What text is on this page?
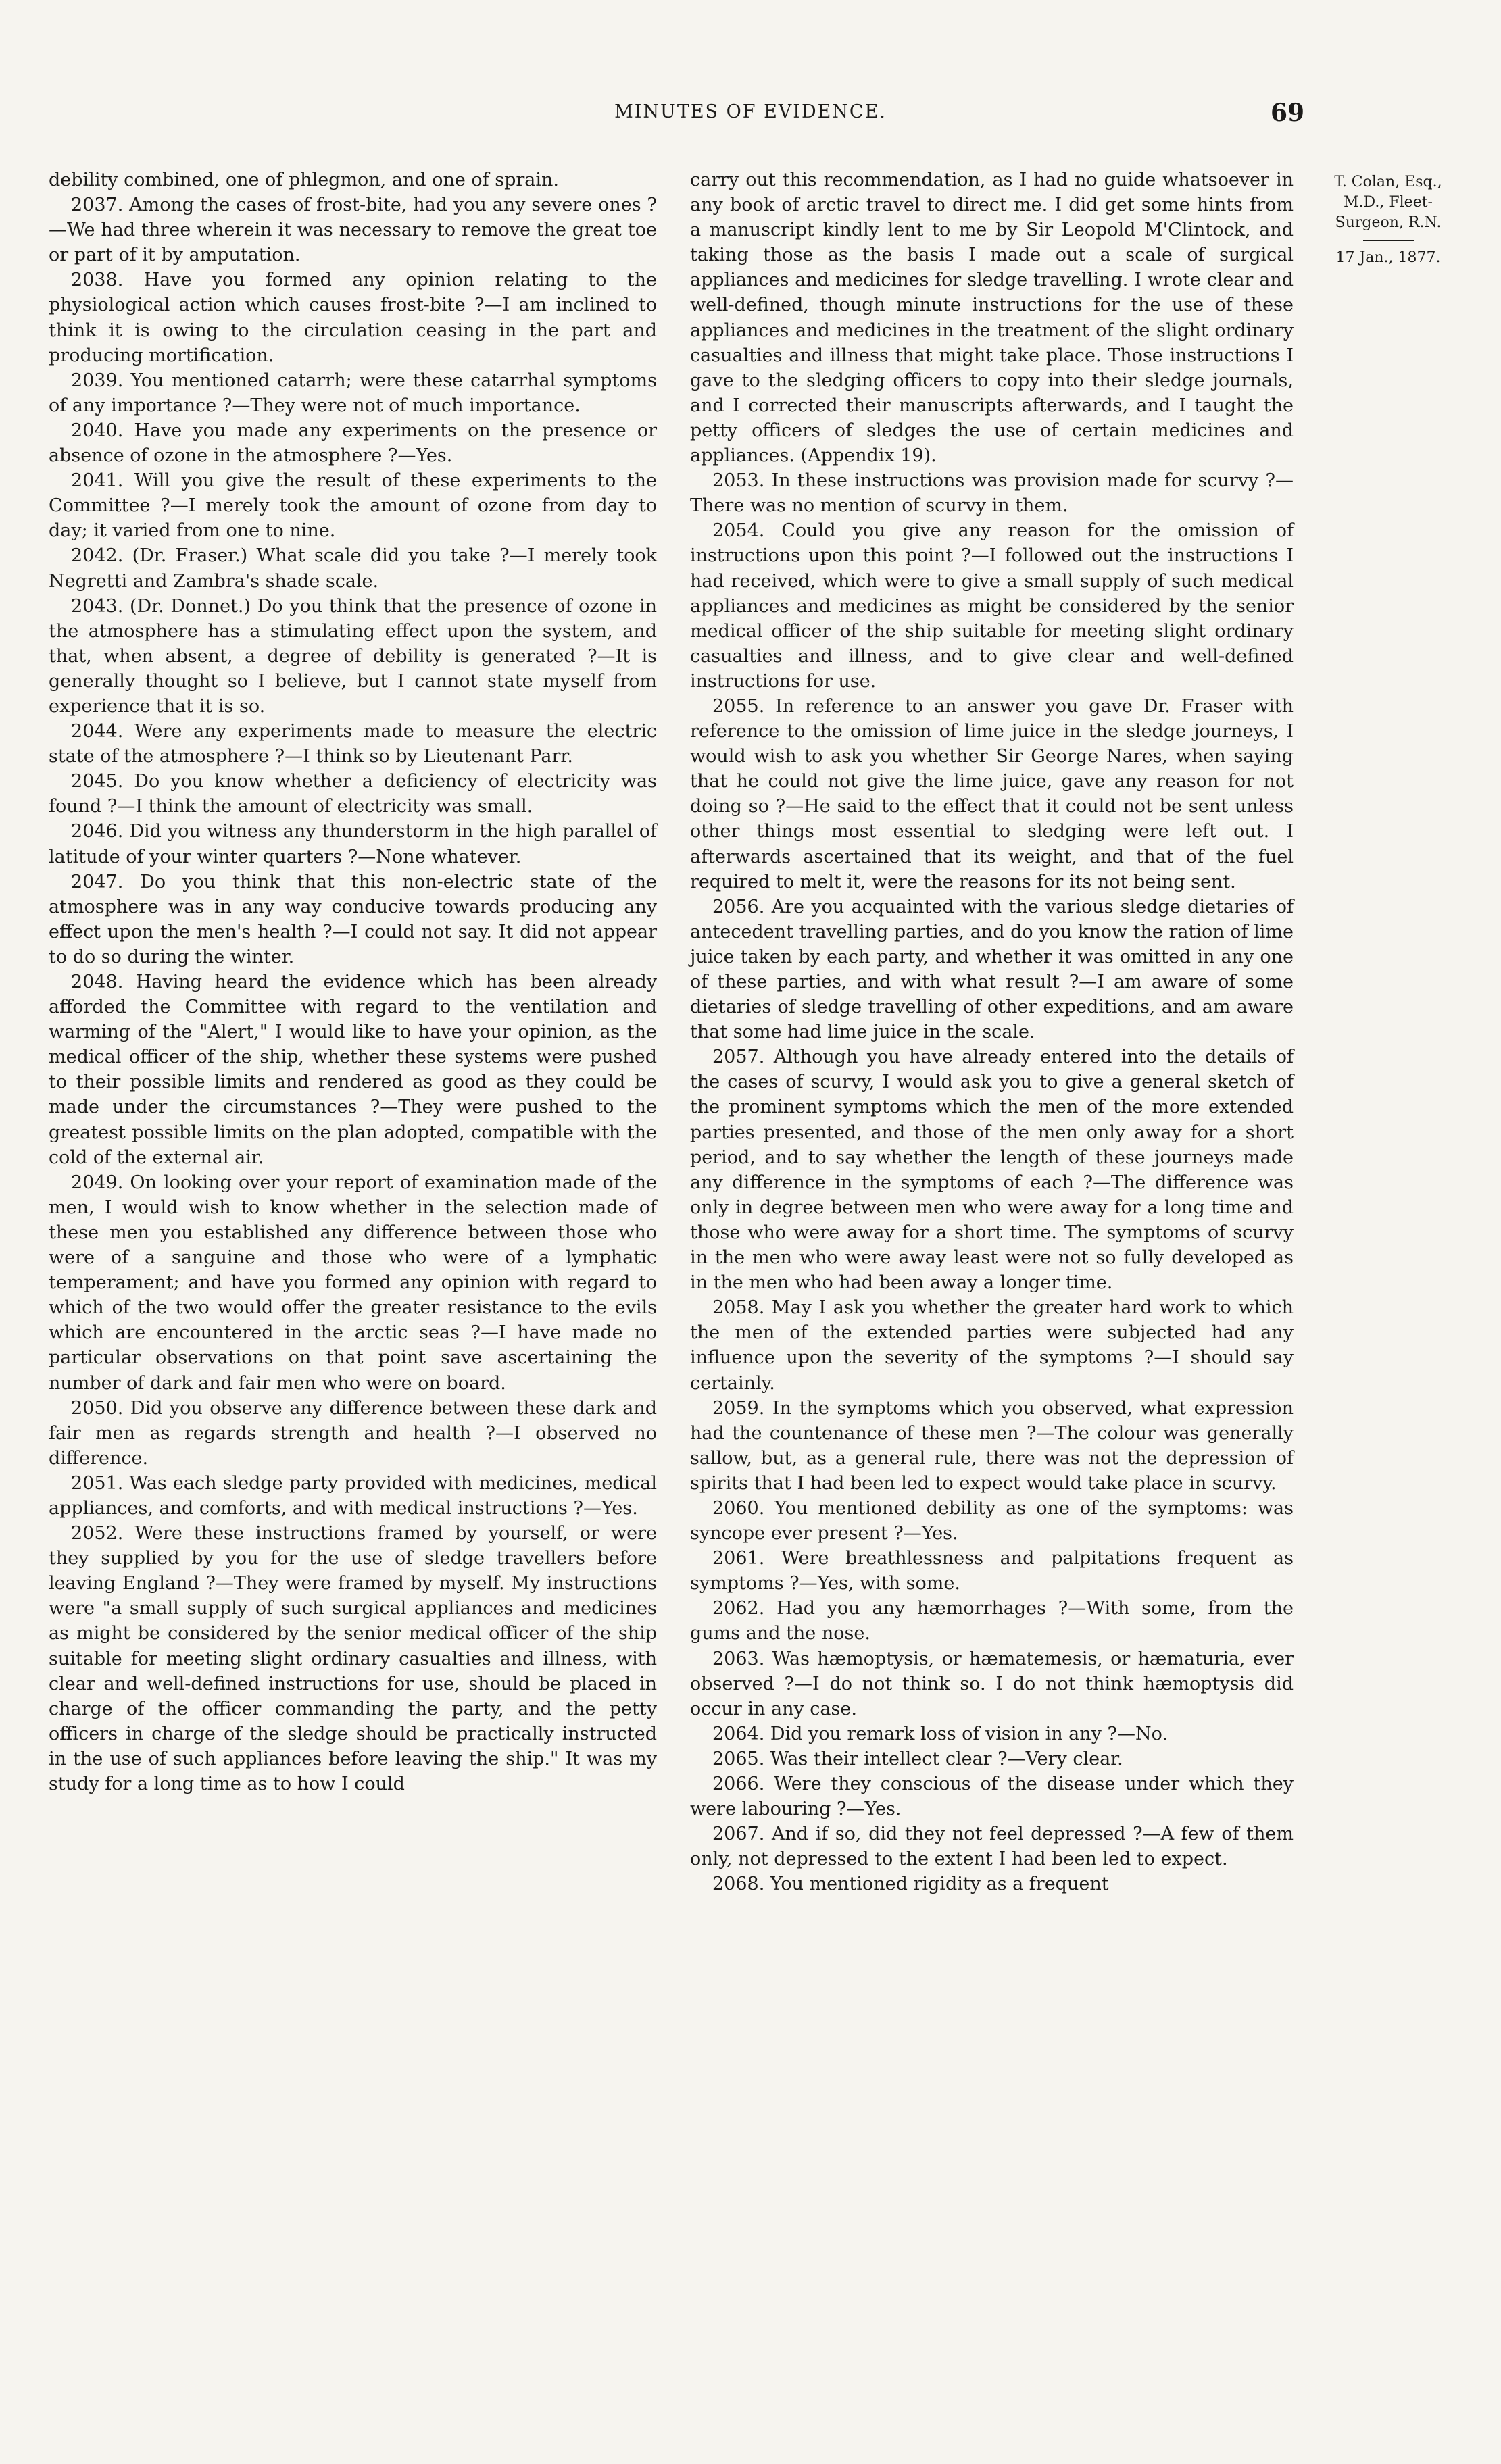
MINUTES OF EVIDENCE.	69

debility combined, one of phlegmon, and one of sprain.

2037. Among the cases of frost-bite, had you any severe ones ?—We had three wherein it was necessary to remove the great toe or part of it by amputation.

2038. Have you formed any opinion relating to the physiological action which causes frost-bite ?—I am inclined to think it is owing to the circulation ceasing in the part and producing mortification.

2039. You mentioned catarrh; were these catarrhal symptoms of any importance ?—They were not of much importance.

2040. Have you made any experiments on the presence or absence of ozone in the atmosphere ?—Yes.

2041. Will you give the result of these experiments to the Committee ?—I merely took the amount of ozone from day to day; it varied from one to nine.

2042. (Dr. Fraser.) What scale did you take ?—I merely took Negretti and Zambra's shade scale.

2043. (Dr. Donnet.) Do you think that the presence of ozone in the atmosphere has a stimulating effect upon the system, and that, when absent, a degree of debility is generated ?—It is generally thought so I believe, but I cannot state myself from experience that it is so.

2044. Were any experiments made to measure the electric state of the atmosphere ?—I think so by Lieutenant Parr.

2045. Do you know whether a deficiency of electricity was found ?—I think the amount of electricity was small.

2046. Did you witness any thunderstorm in the high parallel of latitude of your winter quarters ?—None whatever.

2047. Do you think that this non-electric state of the atmosphere was in any way conducive towards producing any effect upon the men's health ?—I could not say. It did not appear to do so during the winter.

2048. Having heard the evidence which has been already afforded the Committee with regard to the ventilation and warming of the "Alert," I would like to have your opinion, as the medical officer of the ship, whether these systems were pushed to their possible limits and rendered as good as they could be made under the circumstances ?—They were pushed to the greatest possible limits on the plan adopted, compatible with the cold of the external air.

2049. On looking over your report of examination made of the men, I would wish to know whether in the selection made of these men you established any difference between those who were of a sanguine and those who were of a lymphatic temperament; and have you formed any opinion with regard to which of the two would offer the greater resistance to the evils which are encountered in the arctic seas ?—I have made no particular observations on that point save ascertaining the number of dark and fair men who were on board.

2050. Did you observe any difference between these dark and fair men as regards strength and health ?—I observed no difference.

2051. Was each sledge party provided with medicines, medical appliances, and comforts, and with medical instructions ?—Yes.

2052. Were these instructions framed by yourself, or were they supplied by you for the use of sledge travellers before leaving England ?—They were framed by myself. My instructions were "a small supply of such surgical appliances and medicines as might be considered by the senior medical officer of the ship suitable for meeting slight ordinary casualties and illness, with clear and well-defined instructions for use, should be placed in charge of the officer commanding the party, and the petty officers in charge of the sledge should be practically instructed in the use of such appliances before leaving the ship." It was my study for a long time as to how I could

carry out this recommendation, as I had no guide whatsoever in any book of arctic travel to direct me. I did get some hints from a manuscript kindly lent to me by Sir Leopold M'Clintock, and taking those as the basis I made out a scale of surgical appliances and medicines for sledge travelling. I wrote clear and well-defined, though minute instructions for the use of these appliances and medicines in the treatment of the slight ordinary casualties and illness that might take place. Those instructions I gave to the sledging officers to copy into their sledge journals, and I corrected their manuscripts afterwards, and I taught the petty officers of sledges the use of certain medicines and appliances. (Appendix 19).

2053. In these instructions was provision made for scurvy ?—There was no mention of scurvy in them.

2054. Could you give any reason for the omission of instructions upon this point ?—I followed out the instructions I had received, which were to give a small supply of such medical appliances and medicines as might be considered by the senior medical officer of the ship suitable for meeting slight ordinary casualties and illness, and to give clear and well-defined instructions for use.

2055. In reference to an answer you gave Dr. Fraser with reference to the omission of lime juice in the sledge journeys, I would wish to ask you whether Sir George Nares, when saying that he could not give the lime juice, gave any reason for not doing so ?—He said to the effect that it could not be sent unless other things most essential to sledging were left out. I afterwards ascertained that its weight, and that of the fuel required to melt it, were the reasons for its not being sent.

2056. Are you acquainted with the various sledge dietaries of antecedent travelling parties, and do you know the ration of lime juice taken by each party, and whether it was omitted in any one of these parties, and with what result ?—I am aware of some dietaries of sledge travelling of other expeditions, and am aware that some had lime juice in the scale.

2057. Although you have already entered into the details of the cases of scurvy, I would ask you to give a general sketch of the prominent symptoms which the men of the more extended parties presented, and those of the men only away for a short period, and to say whether the length of these journeys made any difference in the symptoms of each ?—The difference was only in degree between men who were away for a long time and those who were away for a short time. The symptoms of scurvy in the men who were away least were not so fully developed as in the men who had been away a longer time.

2058. May I ask you whether the greater hard work to which the men of the extended parties were subjected had any influence upon the severity of the symptoms ?—I should say certainly.

2059. In the symptoms which you observed, what expression had the countenance of these men ?—The colour was generally sallow, but, as a general rule, there was not the depression of spirits that I had been led to expect would take place in scurvy.

2060. You mentioned debility as one of the symptoms: was syncope ever present ?—Yes.

2061. Were breathlessness and palpitations frequent as symptoms ?—Yes, with some.

2062. Had you any hæmorrhages ?—With some, from the gums and the nose.

2063. Was hæmoptysis, or hæmatemesis, or hæmaturia, ever observed ?—I do not think so. I do not think hæmoptysis did occur in any case.

2064. Did you remark loss of vision in any ?—No.

2065. Was their intellect clear ?—Very clear.

2066. Were they conscious of the disease under which they were labouring ?—Yes.

2067. And if so, did they not feel depressed ?—A few of them only, not depressed to the extent I had been led to expect.

2068. You mentioned rigidity as a frequent

T. Colan, Esq.,
M.D., Fleet-
Surgeon, R.N.
17 Jan., 1877.
